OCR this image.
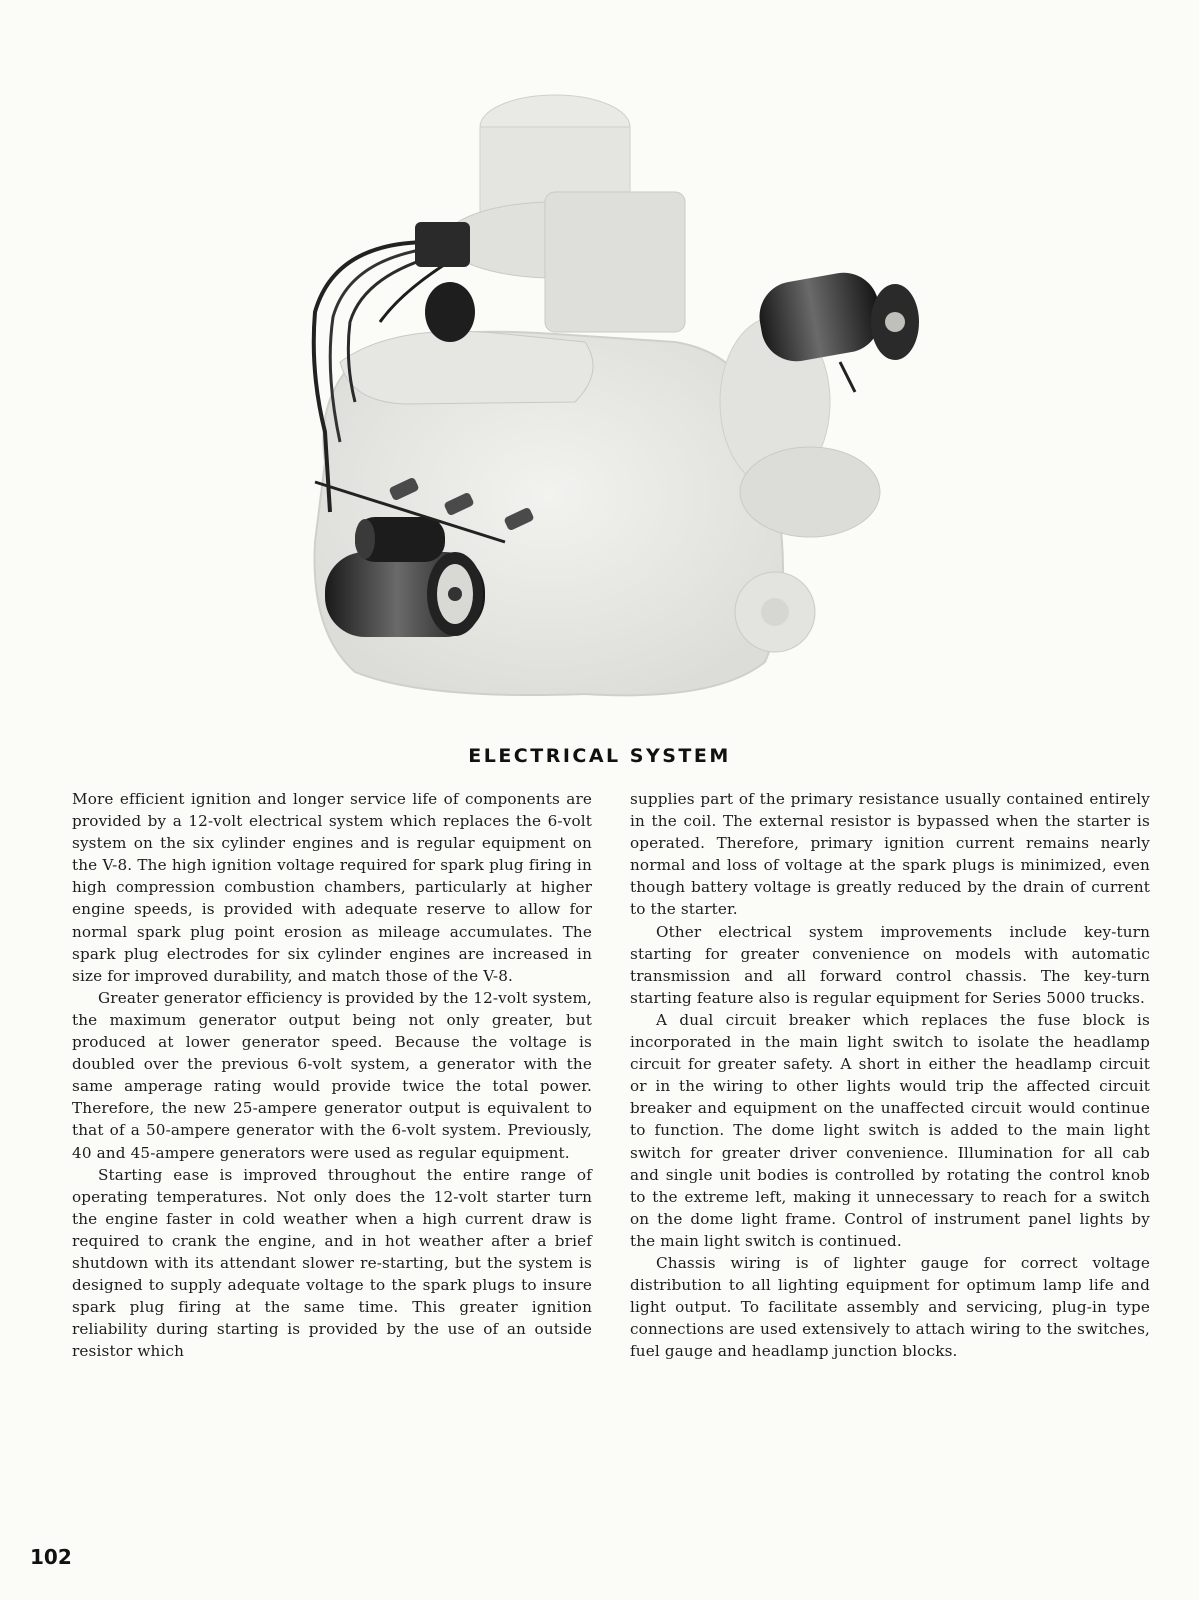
ELECTRICAL SYSTEM

More efficient ignition and longer service life of components are provided by a 12-volt electrical system which replaces the 6-volt system on the six cylinder engines and is regular equipment on the V-8. The high ignition voltage required for spark plug firing in high compression combustion chambers, particularly at higher engine speeds, is provided with adequate reserve to allow for normal spark plug point erosion as mileage accumulates. The spark plug electrodes for six cylinder engines are increased in size for improved durability, and match those of the V-8.

Greater generator efficiency is provided by the 12-volt system, the maximum generator output being not only greater, but produced at lower generator speed. Because the voltage is doubled over the previous 6-volt system, a generator with the same amperage rating would provide twice the total power. Therefore, the new 25-ampere generator output is equivalent to that of a 50-ampere generator with the 6-volt system. Previously, 40 and 45-ampere generators were used as regular equipment.

Starting ease is improved throughout the entire range of operating temperatures. Not only does the 12-volt starter turn the engine faster in cold weather when a high current draw is required to crank the engine, and in hot weather after a brief shutdown with its attendant slower re-starting, but the system is designed to supply adequate voltage to the spark plugs to insure spark plug firing at the same time. This greater ignition reliability during starting is provided by the use of an outside resistor which

supplies part of the primary resistance usually contained entirely in the coil. The external resistor is bypassed when the starter is operated. Therefore, primary ignition current remains nearly normal and loss of voltage at the spark plugs is minimized, even though battery voltage is greatly reduced by the drain of current to the starter.

Other electrical system improvements include key-turn starting for greater convenience on models with automatic transmission and all forward control chassis. The key-turn starting feature also is regular equipment for Series 5000 trucks.

A dual circuit breaker which replaces the fuse block is incorporated in the main light switch to isolate the headlamp circuit for greater safety. A short in either the headlamp circuit or in the wiring to other lights would trip the affected circuit breaker and equipment on the unaffected circuit would continue to function. The dome light switch is added to the main light switch for greater driver convenience. Illumination for all cab and single unit bodies is controlled by rotating the control knob to the extreme left, making it unnecessary to reach for a switch on the dome light frame. Control of instrument panel lights by the main light switch is continued.

Chassis wiring is of lighter gauge for correct voltage distribution to all lighting equipment for optimum lamp life and light output. To facilitate assembly and servicing, plug-in type connections are used extensively to attach wiring to the switches, fuel gauge and headlamp junction blocks.

102
